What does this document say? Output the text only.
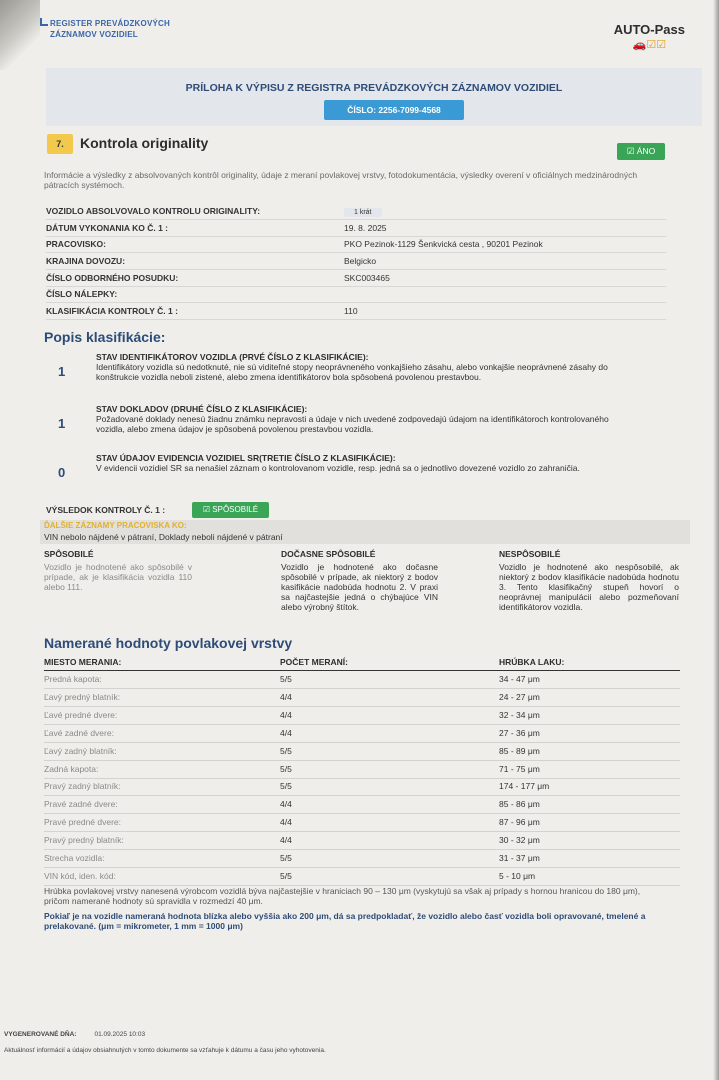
REGISTER PREVÁDZKOVÝCH
ZÁZNAMOV VOZIDIEL	AUTO-Pass
🚗☑☑
PRÍLOHA K VÝPISU Z REGISTRA PREVÁDZKOVÝCH ZÁZNAMOV VOZIDIEL
ČÍSLO: 2256-7099-4568
7.	Kontrola originality	☑ ÁNO
Informácie a výsledky z absolvovaných kontrôl originality, údaje z meraní povlakovej vrstvy, fotodokumentácia, výsledky overení v oficiálnych medzinárodných pátracích systémoch.
VOZIDLO ABSOLVOVALO KONTROLU ORIGINALITY:	1 krát
DÁTUM VYKONANIA KO Č. 1 :	19. 8. 2025
PRACOVISKO:	PKO Pezinok-1129 Šenkvická cesta , 90201 Pezinok
KRAJINA DOVOZU:	Belgicko
ČÍSLO ODBORNÉHO POSUDKU:	SKC003465
ČÍSLO NÁLEPKY:
KLASIFIKÁCIA KONTROLY Č. 1 :	110
Popis klasifikácie:
1
STAV IDENTIFIKÁTOROV VOZIDLA (PRVÉ ČÍSLO Z KLASIFIKÁCIE):
Identifikátory vozidla sú nedotknuté, nie sú viditeľné stopy neoprávneného vonkajšieho zásahu, alebo vonkajšie neoprávnené zásahy do konštrukcie vozidla neboli zistené, alebo zmena identifikátorov bola spôsobená povolenou prestavbou.
1
STAV DOKLADOV (DRUHÉ ČÍSLO Z KLASIFIKÁCIE):
Požadované doklady nenesú žiadnu známku nepravosti a údaje v nich uvedené zodpovedajú údajom na identifikátoroch kontrolovaného vozidla, alebo zmena údajov je spôsobená povolenou prestavbou vozidla.
0
STAV ÚDAJOV EVIDENCIA VOZIDIEL SR(TRETIE ČÍSLO Z KLASIFIKÁCIE):
V evidencii vozidiel SR sa nenašiel záznam o kontrolovanom vozidle, resp. jedná sa o jednotlivo dovezené vozidlo zo zahraničia.
VÝSLEDOK KONTROLY Č. 1 :	☑ SPÔSOBILÉ
ĎALŠIE ZÁZNAMY PRACOVISKA KO:
VIN nebolo nájdené v pátraní, Doklady neboli nájdené v pátraní
SPÔSOBILÉ
Vozidlo je hodnotené ako spôsobilé v prípade, ak je klasifikácia vozidla 110 alebo 111.
DOČASNE SPÔSOBILÉ
Vozidlo je hodnotené ako dočasne spôsobilé v prípade, ak niektorý z bodov kasifikácie nadobúda hodnotu 2. V praxi sa najčastejšie jedná o chýbajúce VIN alebo výrobný štítok.
NESPÔSOBILÉ
Vozidlo je hodnotené ako nespôsobilé, ak niektorý z bodov klasifikácie nadobúda hodnotu 3. Tento klasifikačný stupeň hovorí o neoprávnej manipulácii alebo pozmeňovaní identifikátorov vozidla.
Namerané hodnoty povlakovej vrstvy
MIESTO MERANIA:	POČET MERANÍ:	HRÚBKA LAKU:
Predná kapota:	5/5	34 - 47 μm
Ľavý predný blatník:	4/4	24 - 27 μm
Ľavé predné dvere:	4/4	32 - 34 μm
Ľavé zadné dvere:	4/4	27 - 36 μm
Ľavý zadný blatník:	5/5	85 - 89 μm
Zadná kapota:	5/5	71 - 75 μm
Pravý zadný blatník:	5/5	174 - 177 μm
Pravé zadné dvere:	4/4	85 - 86 μm
Pravé predné dvere:	4/4	87 - 96 μm
Pravý predný blatník:	4/4	30 - 32 μm
Strecha vozidla:	5/5	31 - 37 μm
VIN kód, iden. kód:	5/5	5 - 10 μm
Hrúbka povlakovej vrstvy nanesená výrobcom vozidlá býva najčastejšie v hraniciach 90 – 130 μm (vyskytujú sa však aj prípady s hornou hranicou do 180 μm), pričom namerané hodnoty sú spravidla v rozmedzí 40 μm.
Pokiaľ je na vozidle nameraná hodnota blízka alebo vyššia ako 200 μm, dá sa predpokladať, že vozidlo alebo časť vozidla boli opravované, tmelené a prelakované. (μm = mikrometer, 1 mm = 1000 μm)
VYGENEROVANÉ DŇA:	01.09.2025 10:03
Aktuálnosť informácií a údajov obsiahnutých v tomto dokumente sa vzťahuje k dátumu a času jeho vyhotovenia.
